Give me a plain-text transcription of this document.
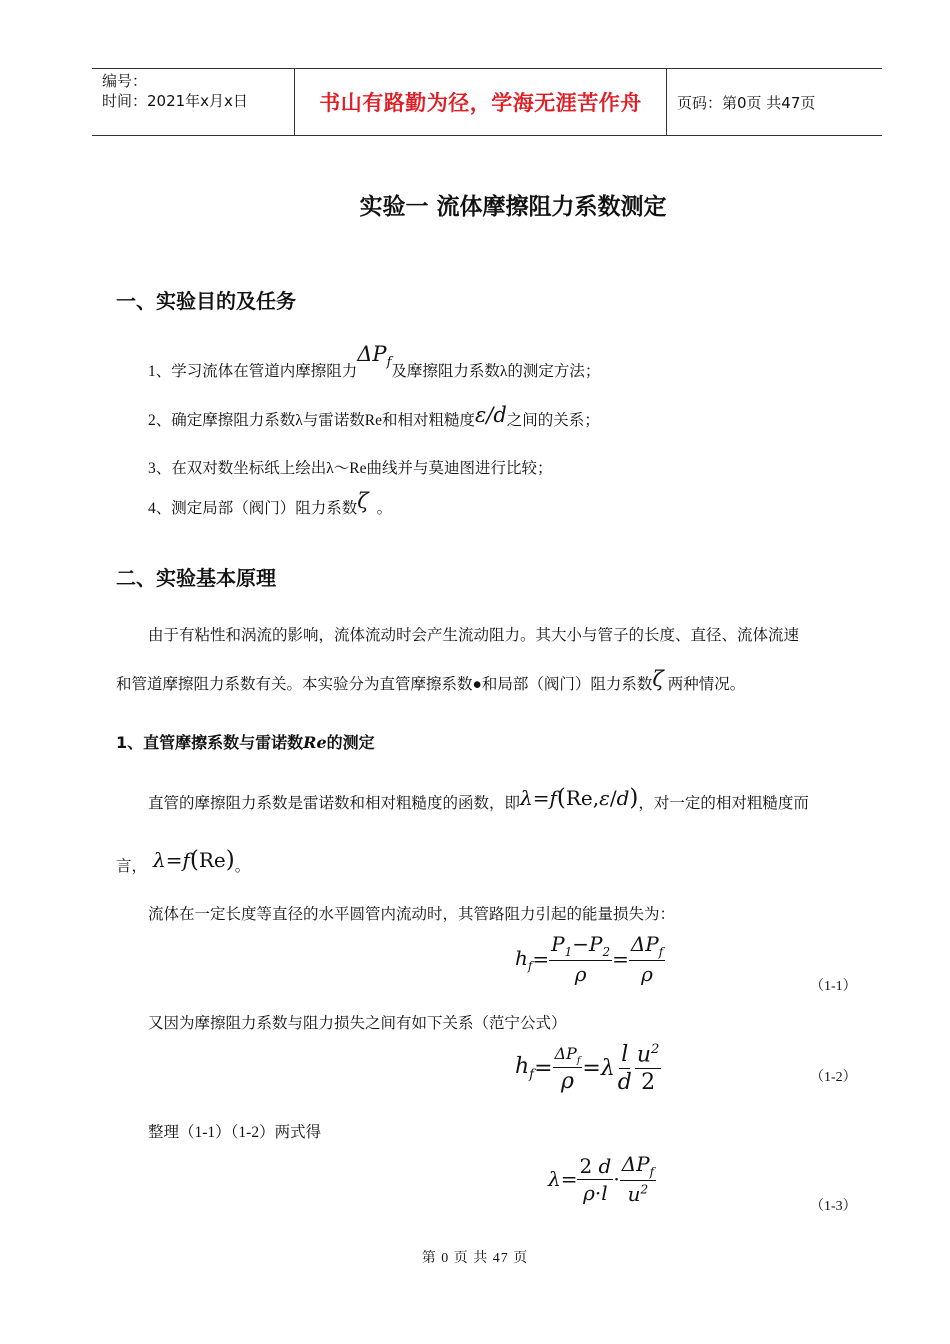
编号：
时间：2021年x月x日	书山有路勤为径，学海无涯苦作舟	页码：第0页 共47页
实验一 流体摩擦阻力系数测定
一、实验目的及任务
1、学习流体在管道内摩擦阻力
$\Delta P_f$
及摩擦阻力系数λ的测定方法；
2、确定摩擦阻力系数λ与雷诺数Re和相对粗糙度 ε/d 之间的关系；
3、在双对数坐标纸上绘出λ～Re曲线并与莫迪图进行比较；
4、测定局部（阀门）阻力系数 ζ 。
二、实验基本原理
由于有粘性和涡流的影响，流体流动时会产生流动阻力。其大小与管子的长度、直径、流体流速
和管道摩擦阻力系数有关。本实验分为直管摩擦系数●和局部（阀门）阻力系数 ζ 两种情况。
1、直管摩擦系数与雷诺数Re的测定
直管的摩擦阻力系数是雷诺数和相对粗糙度的函数，即 λ=f(Re,ε/d) ，对一定的相对粗糙度而
言， λ=f(Re) 。
流体在一定长度等直径的水平圆管内流动时，其管路阻力引起的能量损失为：
$h_f = \frac{P_1-P_2}{\rho} = \frac{\Delta P_f}{\rho}$
（1-1）
又因为摩擦阻力系数与阻力损失之间有如下关系（范宁公式）
$h_f = \frac{\Delta P_f}{\rho} = \lambda \frac{l}{d} \frac{u^2}{2}$	（1-2）
整理（1-1）（1-2）两式得
$\lambda = \frac{2 d}{\rho\cdot l} \cdot \frac{\Delta P_f}{u^2}$
（1-3）
第 0 页 共 47 页
